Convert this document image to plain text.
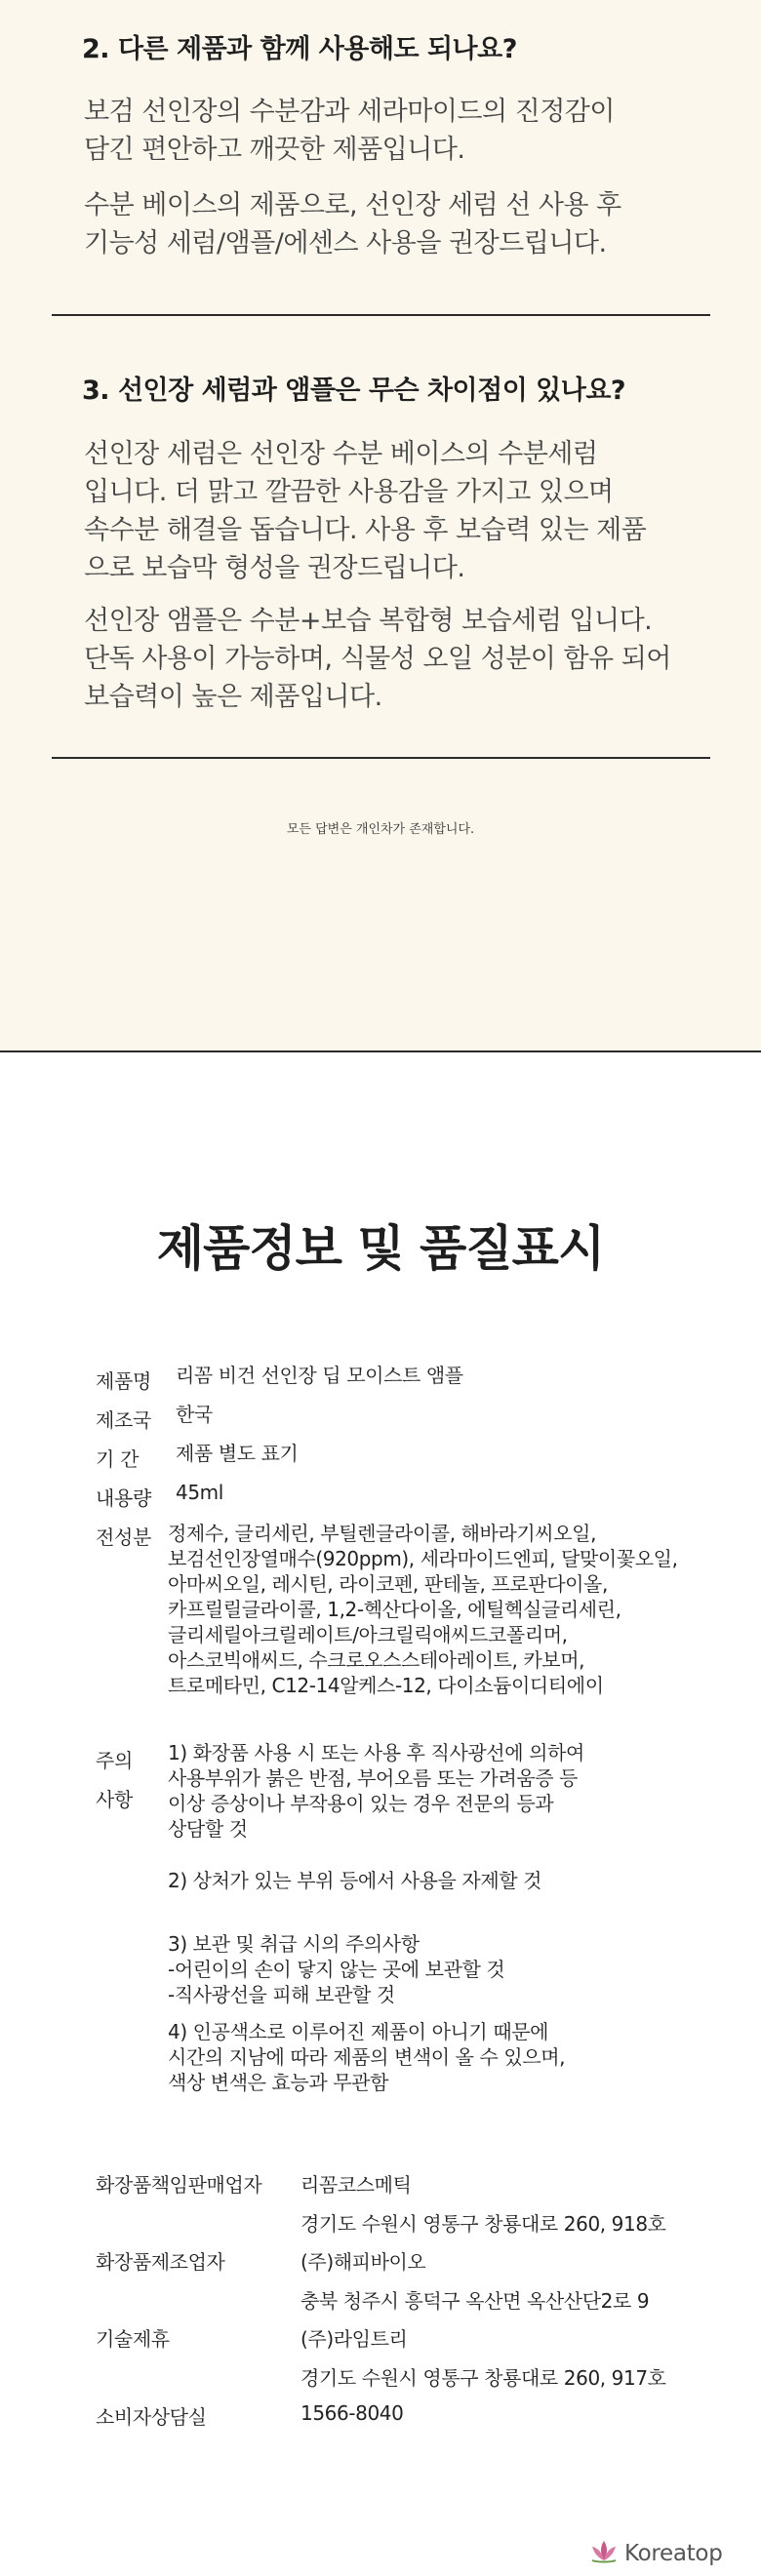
2. 다른 제품과 함께 사용해도 되나요?
보검 선인장의 수분감과 세라마이드의 진정감이
담긴 편안하고 깨끗한 제품입니다.
수분 베이스의 제품으로, 선인장 세럼 선 사용 후
기능성 세럼/앰플/에센스 사용을 권장드립니다.
3. 선인장 세럼과 앰플은 무슨 차이점이 있나요?
선인장 세럼은 선인장 수분 베이스의 수분세럼
입니다. 더 맑고 깔끔한 사용감을 가지고 있으며
속수분 해결을 돕습니다. 사용 후 보습력 있는 제품
으로 보습막 형성을 권장드립니다.
선인장 앰플은 수분+보습 복합형 보습세럼 입니다.
단독 사용이 가능하며, 식물성 오일 성분이 함유 되어
보습력이 높은 제품입니다.
모든 답변은 개인차가 존재합니다.
제품정보 및 품질표시
제품명 리꼼 비건 선인장 딥 모이스트 앰플
제조국 한국
기 간 제품 별도 표기
내용량 45ml
전성분 정제수, 글리세린, 부틸렌글라이콜, 해바라기씨오일,
보검선인장열매수(920ppm), 세라마이드엔피, 달맞이꽃오일,
아마씨오일, 레시틴, 라이코펜, 판테놀, 프로판다이올,
카프릴릴글라이콜, 1,2-헥산다이올, 에틸헥실글리세린,
글리세릴아크릴레이트/아크릴릭애씨드코폴리머,
아스코빅애씨드, 수크로오스스테아레이트, 카보머,
트로메타민, C12-14알케스-12, 다이소듐이디티에이
주의
사항
1) 화장품 사용 시 또는 사용 후 직사광선에 의하여
사용부위가 붉은 반점, 부어오름 또는 가려움증 등
이상 증상이나 부작용이 있는 경우 전문의 등과
상담할 것
2) 상처가 있는 부위 등에서 사용을 자제할 것
3) 보관 및 취급 시의 주의사항
-어린이의 손이 닿지 않는 곳에 보관할 것
-직사광선을 피해 보관할 것
4) 인공색소로 이루어진 제품이 아니기 때문에
시간의 지남에 따라 제품의 변색이 올 수 있으며,
색상 변색은 효능과 무관함
화장품책임판매업자 리꼼코스메틱
경기도 수원시 영통구 창룡대로 260, 918호
화장품제조업자	(주)해피바이오
충북 청주시 흥덕구 옥산면 옥산산단2로 9
기술제휴	(주)라임트리
경기도 수원시 영통구 창룡대로 260, 917호
소비자상담실	1566-8040
Koreatop
